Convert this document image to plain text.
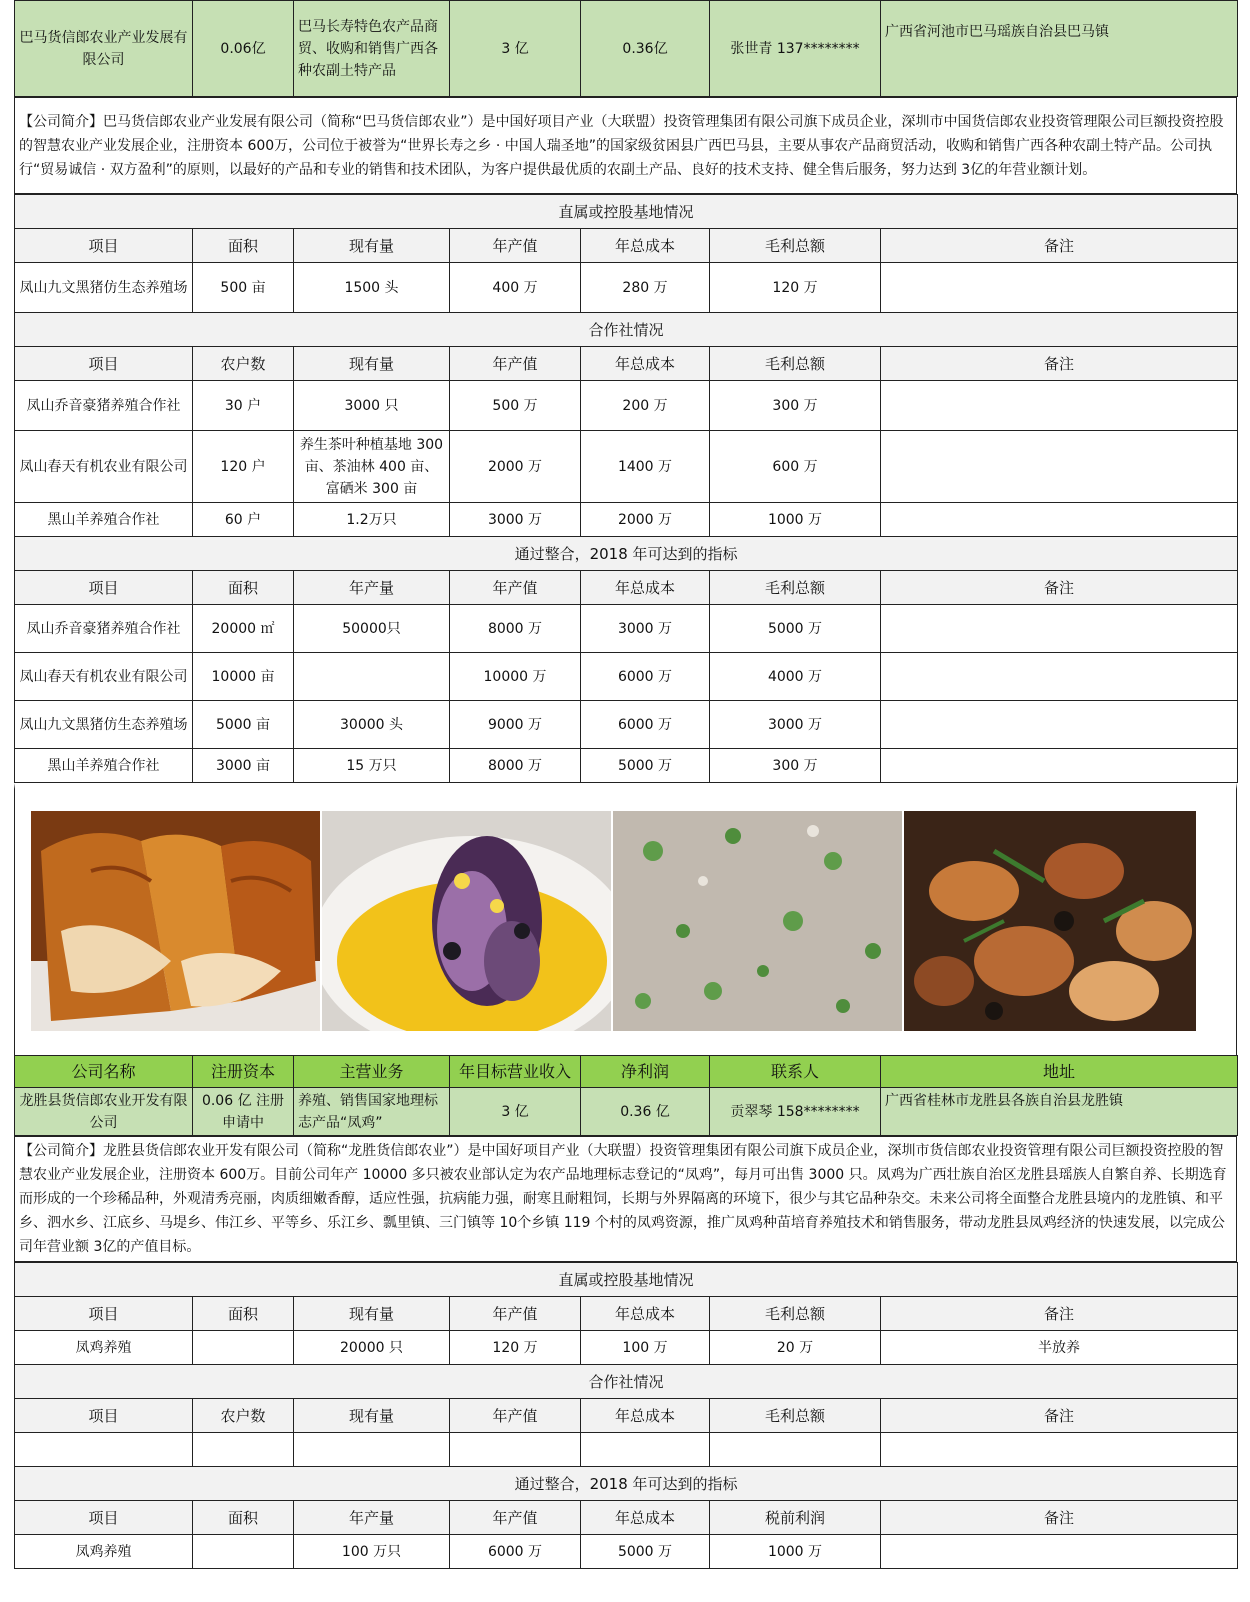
巴马货信郎农业产业发展有限公司	0.06亿	巴马长寿特色农产品商贸、收购和销售广西各种农副土特产品	3 亿	0.36亿	张世青 137********	广西省河池市巴马瑶族自治县巴马镇
【公司简介】巴马货信郎农业产业发展有限公司（简称“巴马货信郎农业”）是中国好项目产业（大联盟）投资管理集团有限公司旗下成员企业，深圳市中国货信郎农业投资管理限公司巨额投资控股的智慧农业产业发展企业，注册资本 600万，公司位于被誉为“世界长寿之乡 · 中国人瑞圣地”的国家级贫困县广西巴马县，主要从事农产品商贸活动，收购和销售广西各种农副土特产品。公司执行“贸易诚信 · 双方盈利”的原则，以最好的产品和专业的销售和技术团队，为客户提供最优质的农副土产品、良好的技术支持、健全售后服务，努力达到 3亿的年营业额计划。
直属或控股基地情况						
项目	面积	现有量	年产值	年总成本	毛利总额	备注
凤山九文黑猪仿生态养殖场	500 亩	1500 头	400 万	280 万	120 万	
合作社情况						
项目	农户数	现有量	年产值	年总成本	毛利总额	备注
凤山乔音豪猪养殖合作社	30 户	3000 只	500 万	200 万	300 万	
凤山春天有机农业有限公司	120 户	养生茶叶种植基地 300 亩、茶油林 400 亩、富硒米 300 亩	2000 万	1400 万	600 万	
黑山羊养殖合作社	60 户	1.2万只	3000 万	2000 万	1000 万	
通过整合，2018 年可达到的指标						
项目	面积	年产量	年产值	年总成本	毛利总额	备注
凤山乔音豪猪养殖合作社	20000 ㎡	50000只	8000 万	3000 万	5000 万	
凤山春天有机农业有限公司	10000 亩		10000 万	6000 万	4000 万	
凤山九文黑猪仿生态养殖场	5000 亩	30000 头	9000 万	6000 万	3000 万	
黑山羊养殖合作社	3000 亩	15 万只	8000 万	5000 万	300 万	
公司名称	注册资本	主营业务	年目标营业收入	净利润	联系人	地址
龙胜县货信郎农业开发有限公司	0.06 亿 注册申请中	养殖、销售国家地理标志产品“凤鸡”	3 亿	0.36 亿	贡翠琴 158********	广西省桂林市龙胜县各族自治县龙胜镇
【公司简介】龙胜县货信郎农业开发有限公司（简称“龙胜货信郎农业”）是中国好项目产业（大联盟）投资管理集团有限公司旗下成员企业，深圳市货信郎农业投资管理有限公司巨额投资控股的智慧农业产业发展企业，注册资本 600万。目前公司年产 10000 多只被农业部认定为农产品地理标志登记的“凤鸡”，每月可出售 3000 只。凤鸡为广西壮族自治区龙胜县瑶族人自繁自养、长期选育而形成的一个珍稀品种，外观清秀亮丽，肉质细嫩香醇，适应性强，抗病能力强，耐寒且耐粗饲，长期与外界隔离的环境下，很少与其它品种杂交。未来公司将全面整合龙胜县境内的龙胜镇、和平乡、泗水乡、江底乡、马堤乡、伟江乡、平等乡、乐江乡、瓢里镇、三门镇等 10个乡镇 119 个村的凤鸡资源，推广凤鸡种苗培育养殖技术和销售服务，带动龙胜县凤鸡经济的快速发展，以完成公司年营业额 3亿的产值目标。
直属或控股基地情况						
项目	面积	现有量	年产值	年总成本	毛利总额	备注
凤鸡养殖		20000 只	120 万	100 万	20 万	半放养
合作社情况						
项目	农户数	现有量	年产值	年总成本	毛利总额	备注

通过整合，2018 年可达到的指标						
项目	面积	年产量	年产值	年总成本	税前利润	备注
凤鸡养殖		100 万只	6000 万	5000 万	1000 万	
